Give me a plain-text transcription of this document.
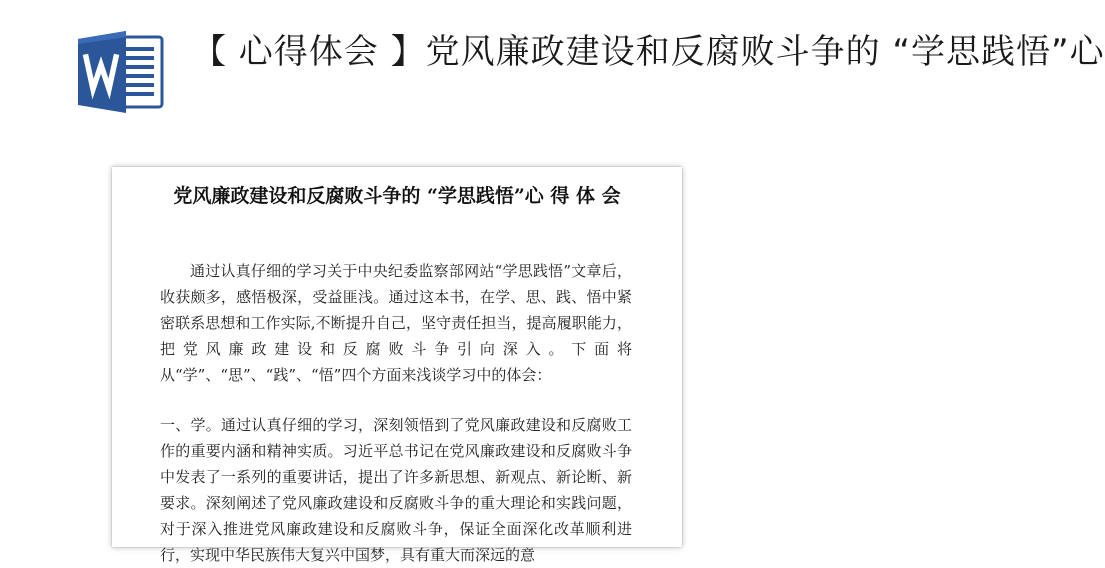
【 心得体会 】党风廉政建设和反腐败斗争的 “学思践悟”心
党风廉政建设和反腐败斗争的 “学思践悟”心 得 体 会

通过认真仔细的学习关于中央纪委监察部网站“学思践悟”文章后，收获颇多，感悟极深，受益匪浅。通过这本书，在学、思、践、悟中紧密联系思想和工作实际,不断提升自己，坚守责任担当，提高履职能力，把党风廉政建设和反腐败斗争引向深入。下面将从“学”、“思”、“践”、“悟”四个方面来浅谈学习中的体会：

一、学。通过认真仔细的学习，深刻领悟到了党风廉政建设和反腐败工作的重要内涵和精神实质。习近平总书记在党风廉政建设和反腐败斗争中发表了一系列的重要讲话，提出了许多新思想、新观点、新论断、新要求。深刻阐述了党风廉政建设和反腐败斗争的重大理论和实践问题，对于深入推进党风廉政建设和反腐败斗争，保证全面深化改革顺利进行，实现中华民族伟大复兴中国梦，具有重大而深远的意
